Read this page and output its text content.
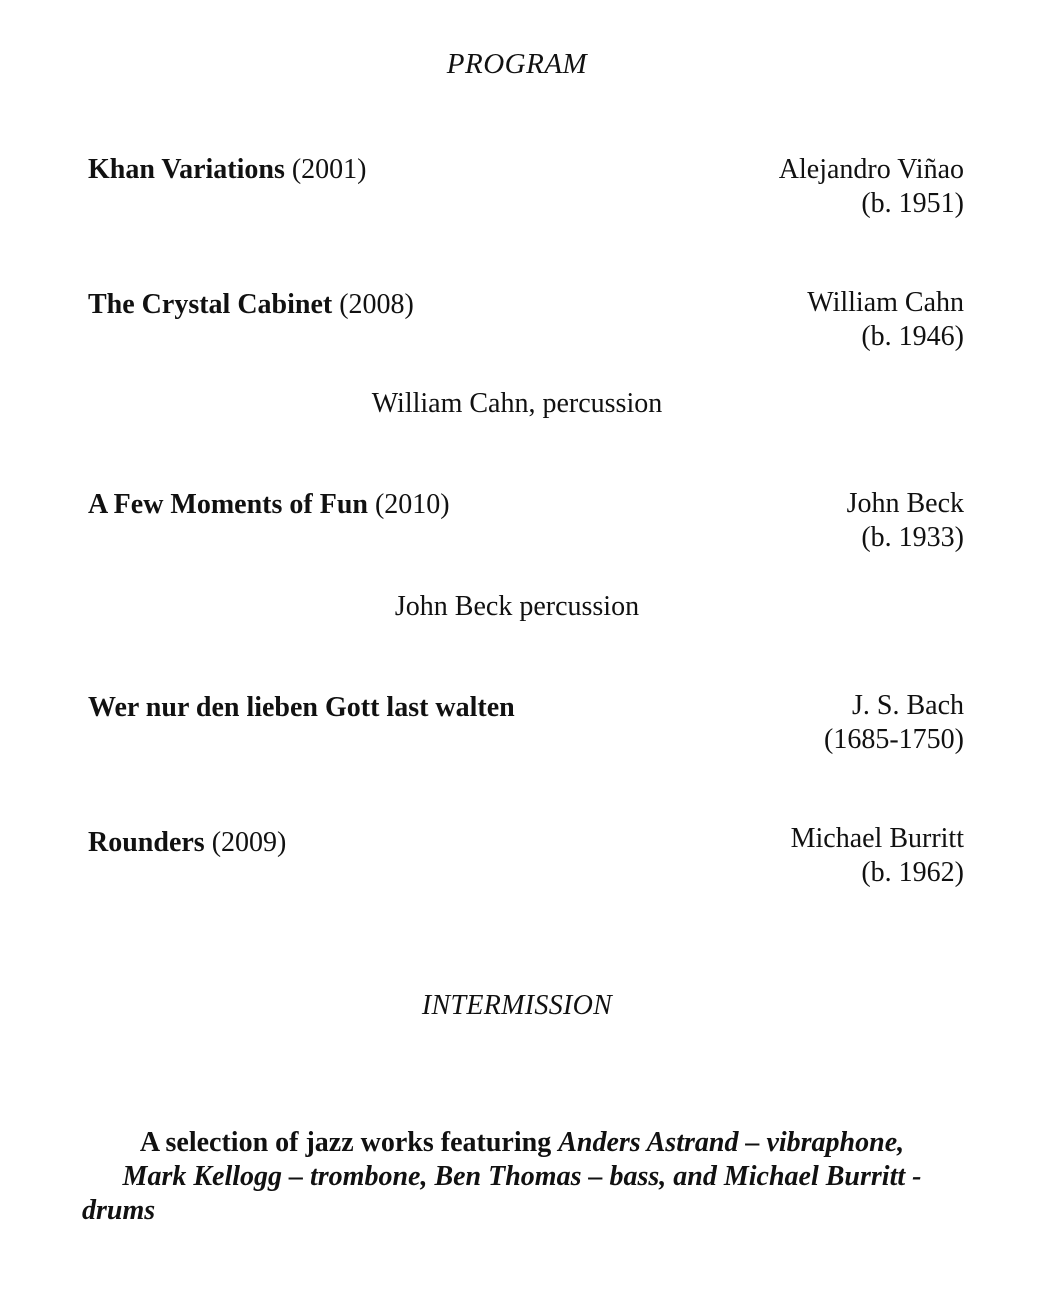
PROGRAM
Khan Variations (2001)	Alejandro Viñao
(b. 1951)
The Crystal Cabinet (2008)	William Cahn
(b. 1946)
William Cahn, percussion
A Few Moments of Fun (2010)	John Beck
(b. 1933)
John Beck percussion
Wer nur den lieben Gott last walten	J. S. Bach
(1685-1750)
Rounders (2009)	Michael Burritt
(b. 1962)
INTERMISSION
A selection of jazz works featuring Anders Astrand – vibraphone,
Mark Kellogg – trombone, Ben Thomas – bass, and Michael Burritt -
drums
